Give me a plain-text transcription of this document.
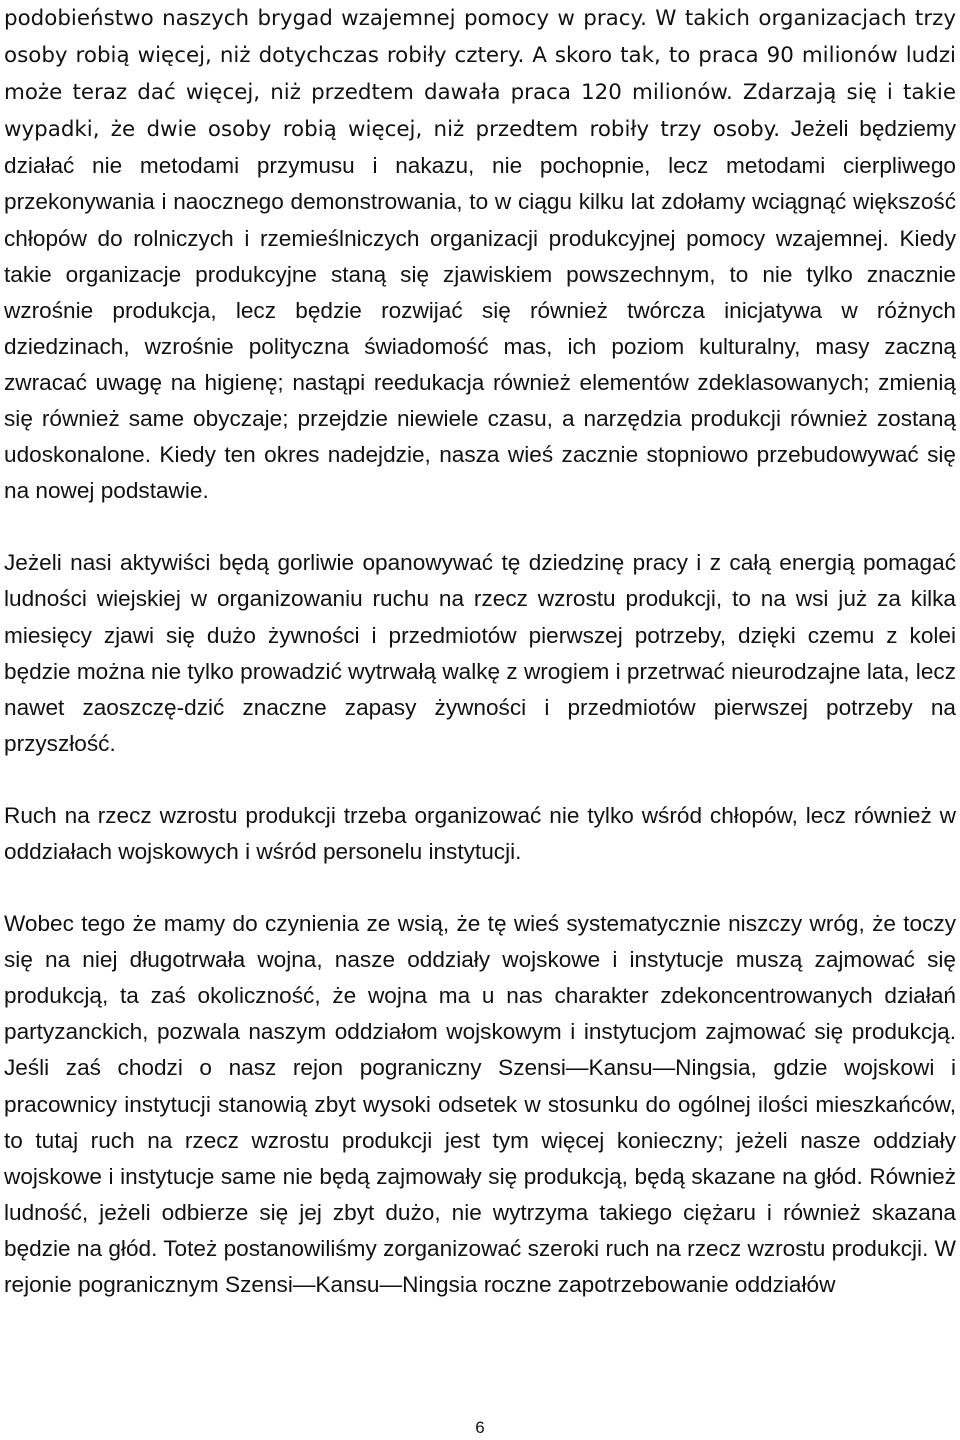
podobieństwo naszych brygad wzajemnej pomocy w pracy. W takich organizacjach trzy osoby robią więcej, niż dotychczas robiły cztery. A skoro tak, to praca 90 milionów ludzi może teraz dać więcej, niż przedtem dawała praca 120 milionów. Zdarzają się i takie wypadki, że dwie osoby robią więcej, niż przedtem robiły trzy osoby. Jeżeli będziemy działać nie metodami przymusu i nakazu, nie pochopnie, lecz metodami cierpliwego przekonywania i naocznego demonstrowania, to w ciągu kilku lat zdołamy wciągnąć większość chłopów do rolniczych i rzemieślniczych organizacji produkcyjnej pomocy wzajemnej. Kiedy takie organizacje produkcyjne staną się zjawiskiem powszechnym, to nie tylko znacznie wzrośnie produkcja, lecz będzie rozwijać się również twórcza inicjatywa w różnych dziedzinach, wzrośnie polityczna świadomość mas, ich poziom kulturalny, masy zaczną zwracać uwagę na higienę; nastąpi reedukacja również elementów zdeklasowanych; zmienią się również same obyczaje; przejdzie niewiele czasu, a narzędzia produkcji również zostaną udoskonalone. Kiedy ten okres nadejdzie, nasza wieś zacznie stopniowo przebudowywać się na nowej podstawie.

Jeżeli nasi aktywiści będą gorliwie opanowywać tę dziedzinę pracy i z całą energią pomagać ludności wiejskiej w organizowaniu ruchu na rzecz wzrostu produkcji, to na wsi już za kilka miesięcy zjawi się dużo żywności i przedmiotów pierwszej potrzeby, dzięki czemu z kolei będzie można nie tylko prowadzić wytrwałą walkę z wrogiem i przetrwać nieurodzajne lata, lecz nawet zaoszczę-dzić znaczne zapasy żywności i przedmiotów pierwszej potrzeby na przyszłość.

Ruch na rzecz wzrostu produkcji trzeba organizować nie tylko wśród chłopów, lecz również w oddziałach wojskowych i wśród personelu instytucji.

Wobec tego że mamy do czynienia ze wsią, że tę wieś systematycznie niszczy wróg, że toczy się na niej długotrwała wojna, nasze oddziały wojskowe i instytucje muszą zajmować się produkcją, ta zaś okoliczność, że wojna ma u nas charakter zdekoncentrowanych działań partyzanckich, pozwala naszym oddziałom wojskowym i instytucjom zajmować się produkcją. Jeśli zaś chodzi o nasz rejon pograniczny Szensi—Kansu—Ningsia, gdzie wojskowi i pracownicy instytucji stanowią zbyt wysoki odsetek w stosunku do ogólnej ilości mieszkańców, to tutaj ruch na rzecz wzrostu produkcji jest tym więcej konieczny; jeżeli nasze oddziały wojskowe i instytucje same nie będą zajmowały się produkcją, będą skazane na głód. Również ludność, jeżeli odbierze się jej zbyt dużo, nie wytrzyma takiego ciężaru i również skazana będzie na głód. Toteż postanowiliśmy zorganizować szeroki ruch na rzecz wzrostu produkcji. W rejonie pogranicznym Szensi—Kansu—Ningsia roczne zapotrzebowanie oddziałów

6
